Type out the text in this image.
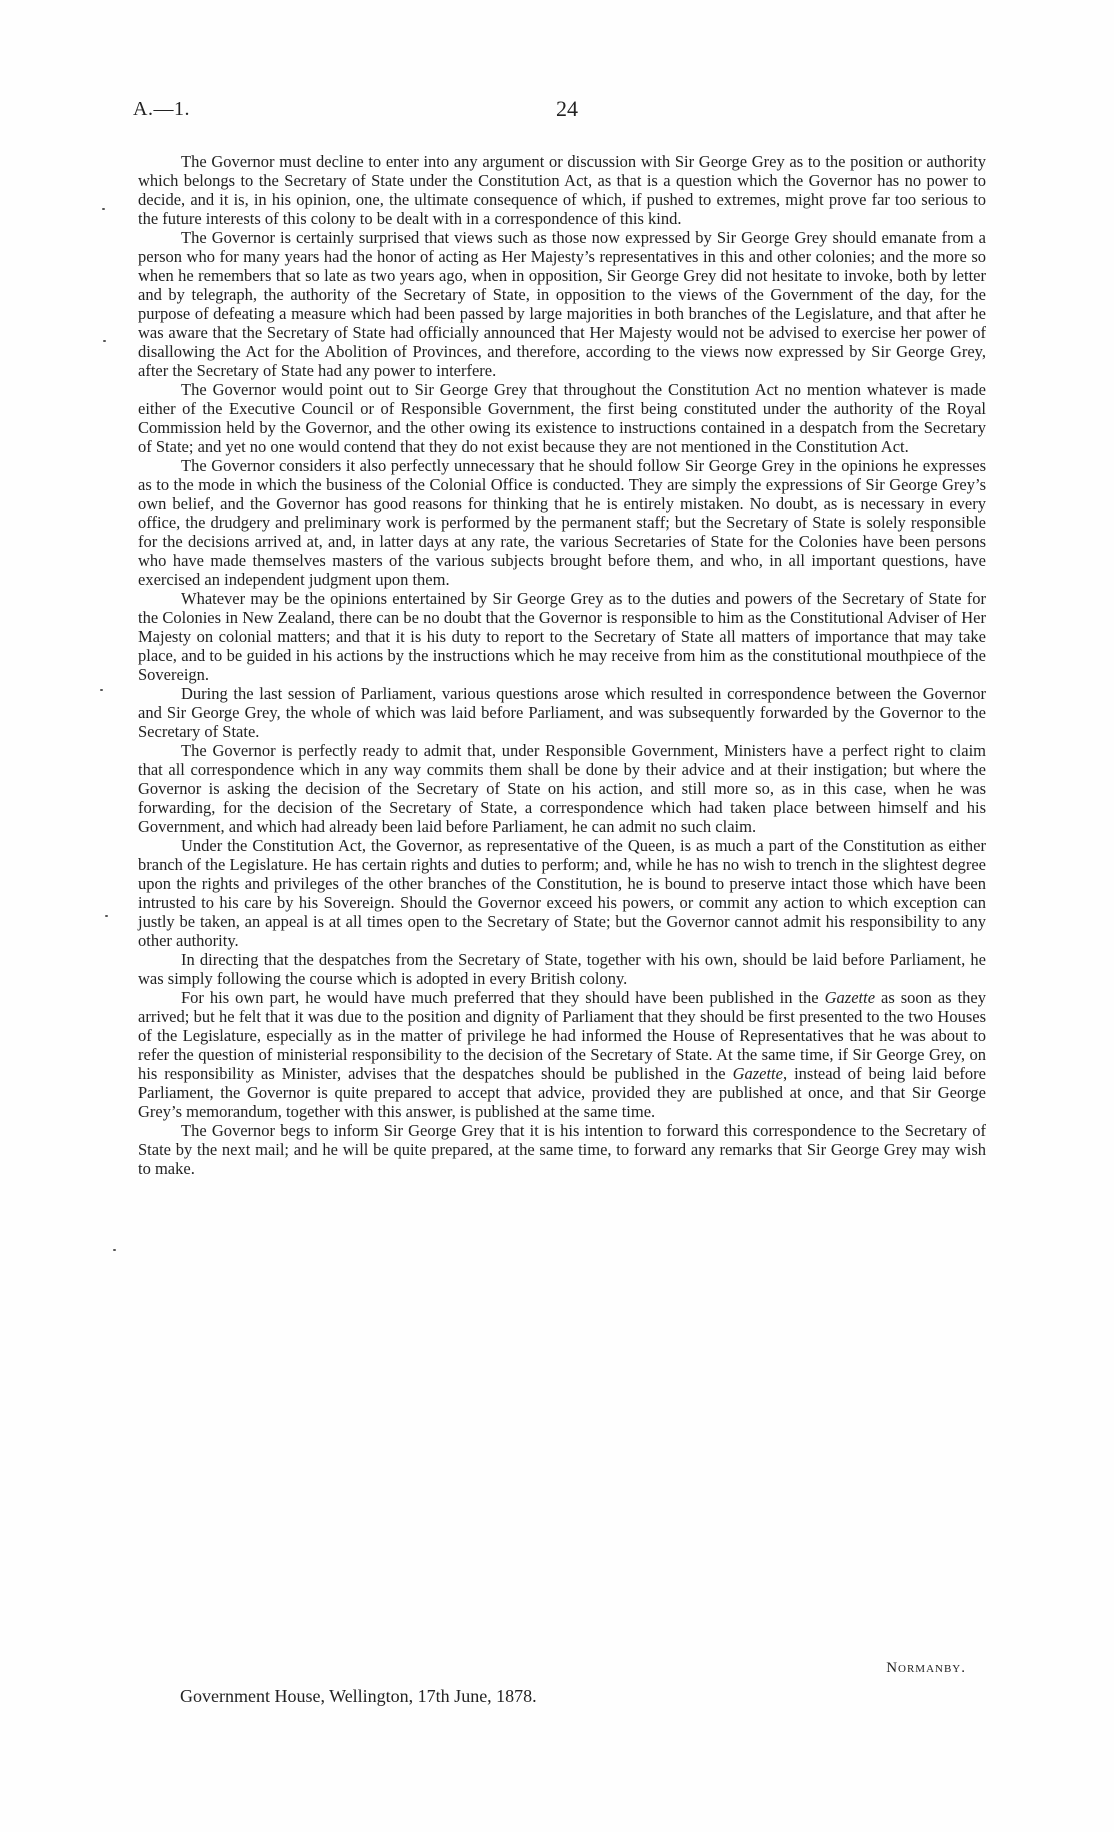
A.—1.	24

The Governor must decline to enter into any argument or discussion with Sir George Grey as to the position or authority which belongs to the Secretary of State under the Constitution Act, as that is a question which the Governor has no power to decide, and it is, in his opinion, one, the ultimate consequence of which, if pushed to extremes, might prove far too serious to the future interests of this colony to be dealt with in a correspondence of this kind.

The Governor is certainly surprised that views such as those now expressed by Sir George Grey should emanate from a person who for many years had the honor of acting as Her Majesty’s representatives in this and other colonies; and the more so when he remembers that so late as two years ago, when in opposition, Sir George Grey did not hesitate to invoke, both by letter and by telegraph, the authority of the Secretary of State, in opposition to the views of the Government of the day, for the purpose of defeating a measure which had been passed by large majorities in both branches of the Legislature, and that after he was aware that the Secretary of State had officially announced that Her Majesty would not be advised to exercise her power of disallowing the Act for the Abolition of Provinces, and therefore, according to the views now expressed by Sir George Grey, after the Secretary of State had any power to interfere.

The Governor would point out to Sir George Grey that throughout the Constitution Act no mention whatever is made either of the Executive Council or of Responsible Government, the first being constituted under the authority of the Royal Commission held by the Governor, and the other owing its existence to instructions contained in a despatch from the Secretary of State; and yet no one would contend that they do not exist because they are not mentioned in the Constitution Act.

The Governor considers it also perfectly unnecessary that he should follow Sir George Grey in the opinions he expresses as to the mode in which the business of the Colonial Office is conducted. They are simply the expressions of Sir George Grey’s own belief, and the Governor has good reasons for thinking that he is entirely mistaken. No doubt, as is necessary in every office, the drudgery and preliminary work is performed by the permanent staff; but the Secretary of State is solely responsible for the decisions arrived at, and, in latter days at any rate, the various Secretaries of State for the Colonies have been persons who have made themselves masters of the various subjects brought before them, and who, in all important questions, have exercised an independent judgment upon them.

Whatever may be the opinions entertained by Sir George Grey as to the duties and powers of the Secretary of State for the Colonies in New Zealand, there can be no doubt that the Governor is responsible to him as the Constitutional Adviser of Her Majesty on colonial matters; and that it is his duty to report to the Secretary of State all matters of importance that may take place, and to be guided in his actions by the instructions which he may receive from him as the constitutional mouthpiece of the Sovereign.

During the last session of Parliament, various questions arose which resulted in correspondence between the Governor and Sir George Grey, the whole of which was laid before Parliament, and was subsequently forwarded by the Governor to the Secretary of State.

The Governor is perfectly ready to admit that, under Responsible Government, Ministers have a perfect right to claim that all correspondence which in any way commits them shall be done by their advice and at their instigation; but where the Governor is asking the decision of the Secretary of State on his action, and still more so, as in this case, when he was forwarding, for the decision of the Secretary of State, a correspondence which had taken place between himself and his Government, and which had already been laid before Parliament, he can admit no such claim.

Under the Constitution Act, the Governor, as representative of the Queen, is as much a part of the Constitution as either branch of the Legislature. He has certain rights and duties to perform; and, while he has no wish to trench in the slightest degree upon the rights and privileges of the other branches of the Constitution, he is bound to preserve intact those which have been intrusted to his care by his Sovereign. Should the Governor exceed his powers, or commit any action to which exception can justly be taken, an appeal is at all times open to the Secretary of State; but the Governor cannot admit his responsibility to any other authority.

In directing that the despatches from the Secretary of State, together with his own, should be laid before Parliament, he was simply following the course which is adopted in every British colony.

For his own part, he would have much preferred that they should have been published in the Gazette as soon as they arrived; but he felt that it was due to the position and dignity of Parliament that they should be first presented to the two Houses of the Legislature, especially as in the matter of privilege he had informed the House of Representatives that he was about to refer the question of ministerial responsibility to the decision of the Secretary of State. At the same time, if Sir George Grey, on his responsibility as Minister, advises that the despatches should be published in the Gazette, instead of being laid before Parliament, the Governor is quite prepared to accept that advice, provided they are published at once, and that Sir George Grey’s memorandum, together with this answer, is published at the same time.

The Governor begs to inform Sir George Grey that it is his intention to forward this correspondence to the Secretary of State by the next mail; and he will be quite prepared, at the same time, to forward any remarks that Sir George Grey may wish to make.

Normanby.
Government House, Wellington, 17th June, 1878.
